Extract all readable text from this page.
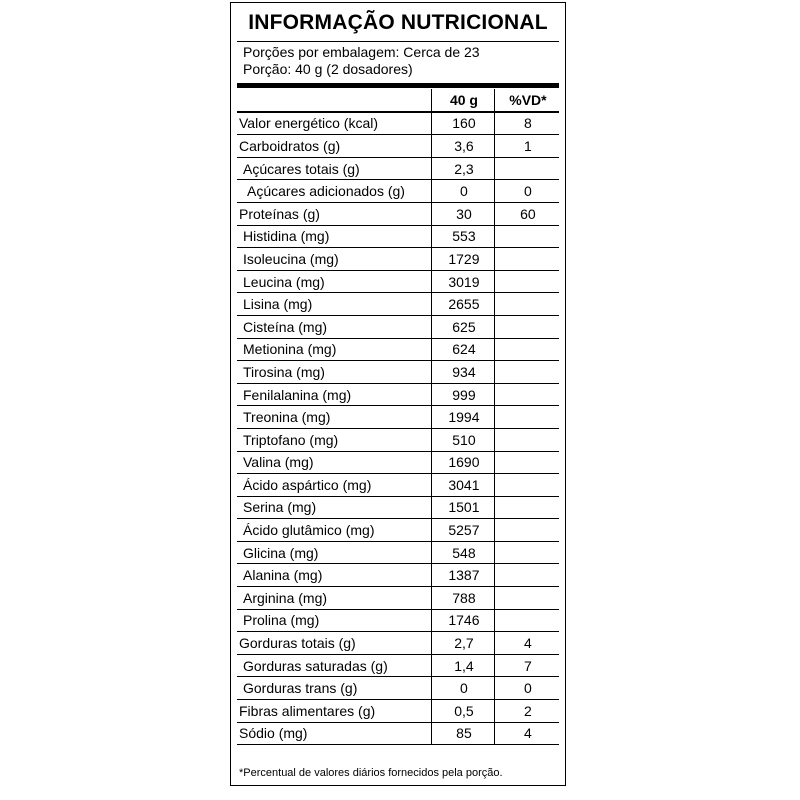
INFORMAÇÃO NUTRICIONAL
Porções por embalagem: Cerca de 23
Porção: 40 g (2 dosadores)
	40 g	%VD*
Valor energético (kcal)	160	8
Carboidratos (g)	3,6	1
Açúcares totais (g)	2,3	
Açúcares adicionados (g)	0	0
Proteínas (g)	30	60
Histidina (mg)	553	
Isoleucina (mg)	1729	
Leucina (mg)	3019	
Lisina (mg)	2655	
Cisteína (mg)	625	
Metionina (mg)	624	
Tirosina (mg)	934	
Fenilalanina (mg)	999	
Treonina (mg)	1994	
Triptofano (mg)	510	
Valina (mg)	1690	
Ácido aspártico (mg)	3041	
Serina (mg)	1501	
Ácido glutâmico (mg)	5257	
Glicina (mg)	548	
Alanina (mg)	1387	
Arginina (mg)	788	
Prolina (mg)	1746	
Gorduras totais (g)	2,7	4
Gorduras saturadas (g)	1,4	7
Gorduras trans (g)	0	0
Fibras alimentares (g)	0,5	2
Sódio (mg)	85	4
*Percentual de valores diários fornecidos pela porção.
